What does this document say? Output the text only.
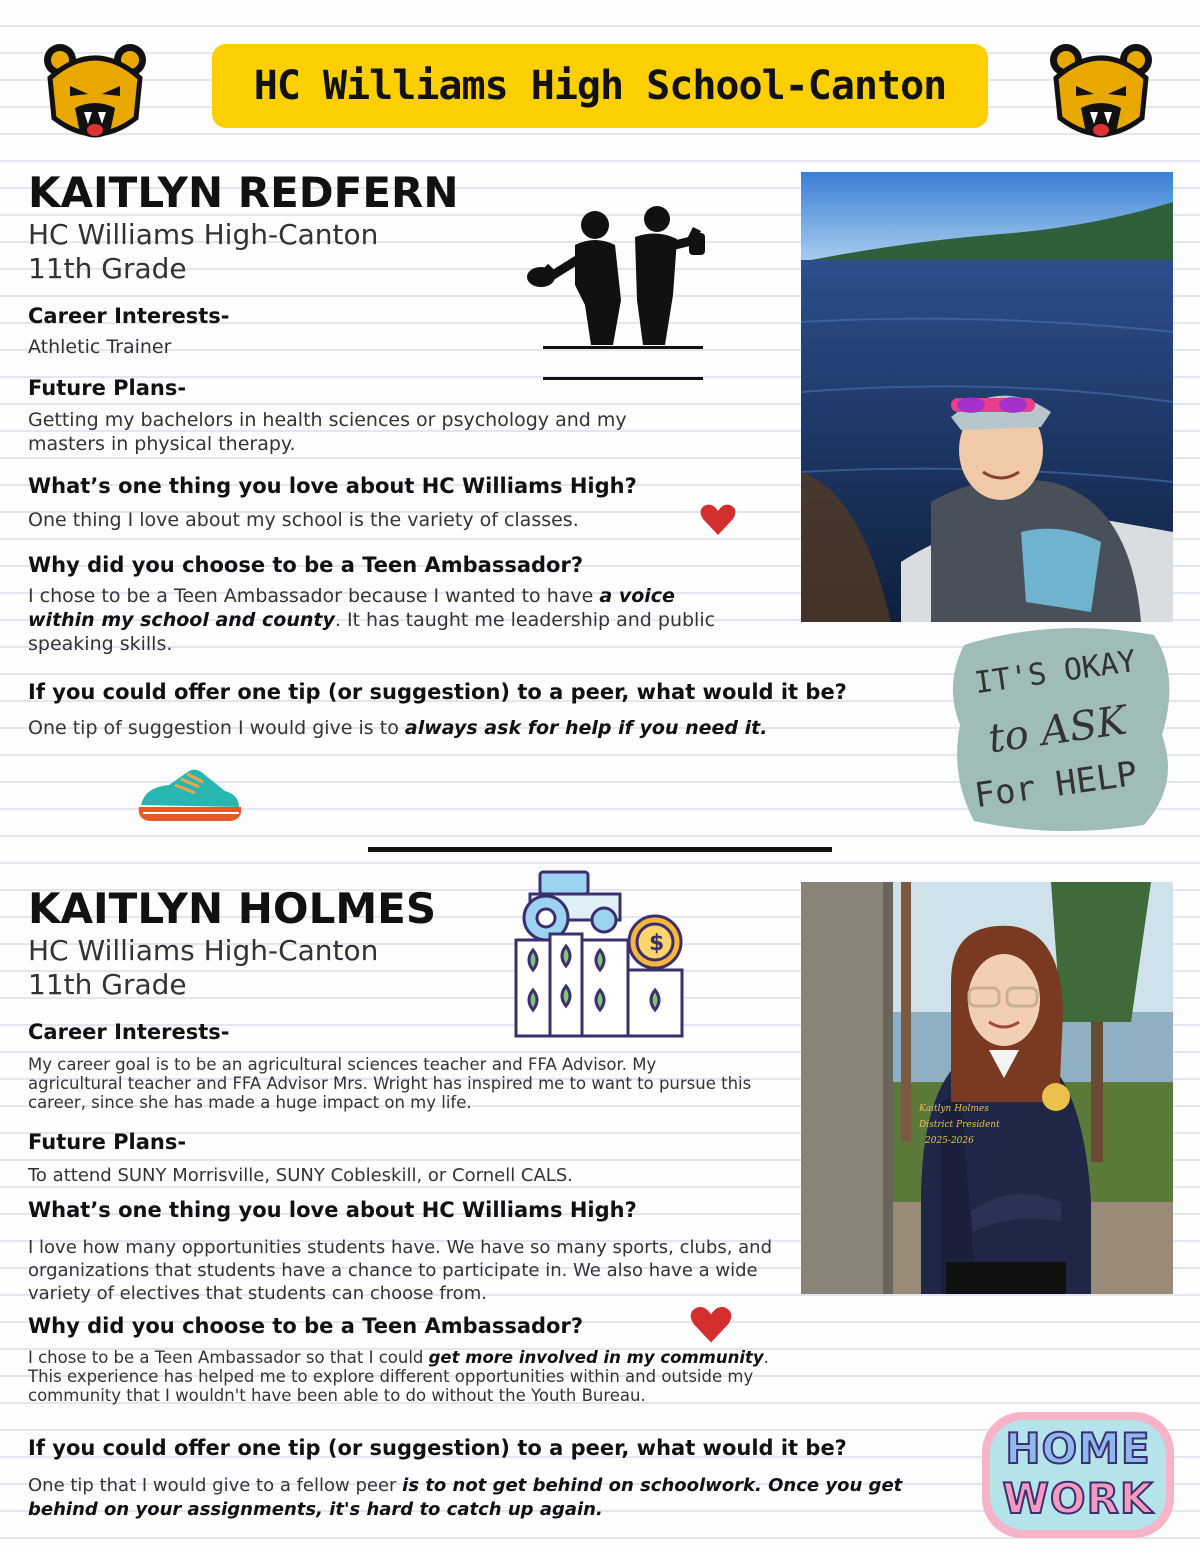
HC Williams High School-Canton
KAITLYN REDFERN
HC Williams High-Canton
11th Grade
Career Interests-
Athletic Trainer
Future Plans-
Getting my bachelors in health sciences or psychology and my masters in physical therapy.
What’s one thing you love about HC Williams High?
One thing I love about my school is the variety of classes.
Why did you choose to be a Teen Ambassador?
I chose to be a Teen Ambassador because I wanted to have a voice within my school and county. It has taught me leadership and public speaking skills.
If you could offer one tip (or suggestion) to a peer, what would it be?
One tip of suggestion I would give is to always ask for help if you need it.
IT'S OKAY
to ASK
For HELP
KAITLYN HOLMES
HC Williams High-Canton
11th Grade
Career Interests-
My career goal is to be an agricultural sciences teacher and FFA Advisor. My agricultural teacher and FFA Advisor Mrs. Wright has inspired me to want to pursue this career, since she has made a huge impact on my life.
Future Plans-
To attend SUNY Morrisville, SUNY Cobleskill, or Cornell CALS.
What’s one thing you love about HC Williams High?
I love how many opportunities students have. We have so many sports, clubs, and organizations that students have a chance to participate in. We also have a wide variety of electives that students can choose from.
Why did you choose to be a Teen Ambassador?
I chose to be a Teen Ambassador so that I could get more involved in my community. This experience has helped me to explore different opportunities within and outside my community that I wouldn't have been able to do without the Youth Bureau.
If you could offer one tip (or suggestion) to a peer, what would it be?
One tip that I would give to a fellow peer is to not get behind on schoolwork. Once you get behind on your assignments, it's hard to catch up again.
$
Kaitlyn Holmes
District President
2025-2026
HOME
WORK
